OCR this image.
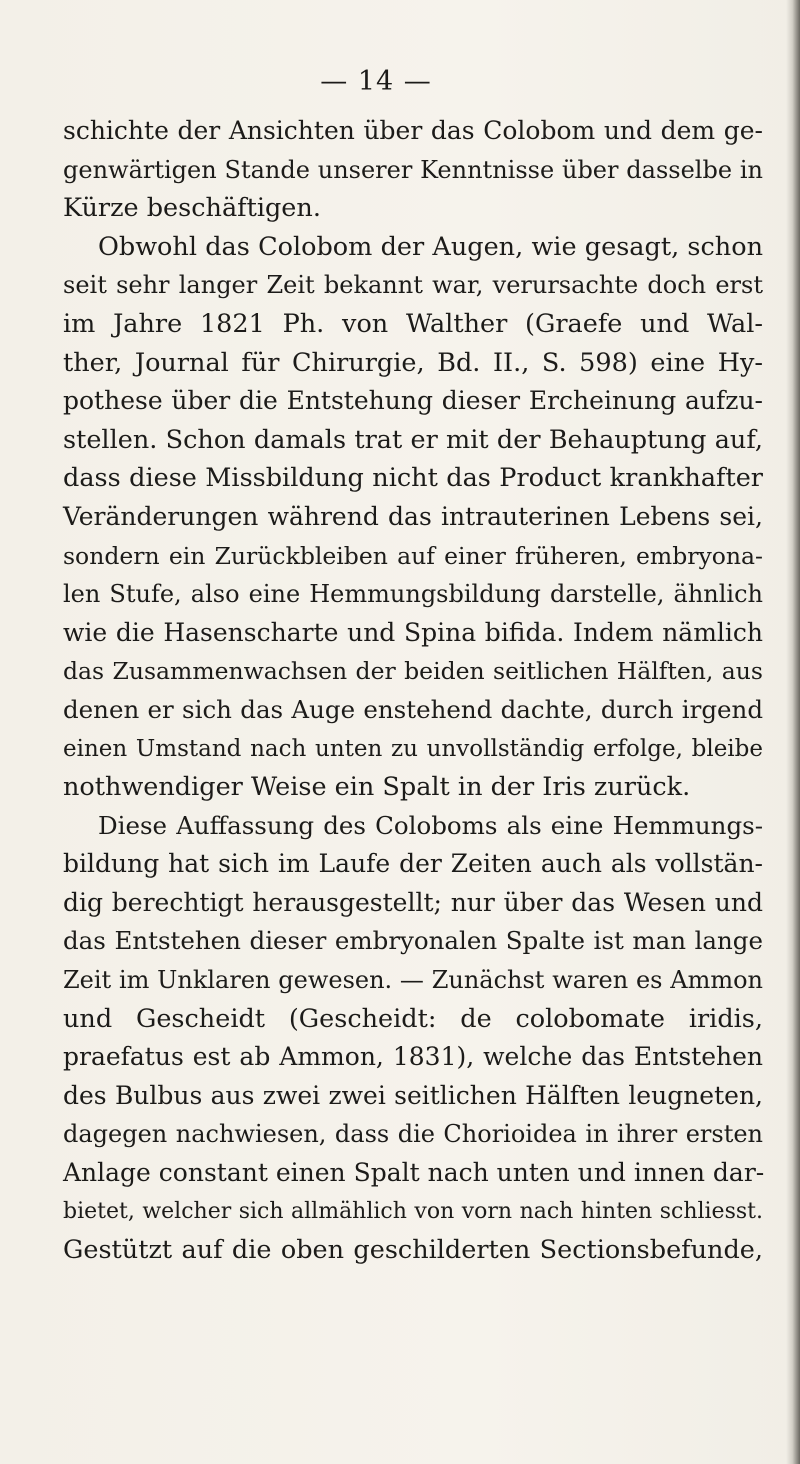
— 14 —
schichte der Ansichten über das Colobom und dem ge-
genwärtigen Stande unserer Kenntnisse über dasselbe in
Kürze beschäftigen.
Obwohl das Colobom der Augen, wie gesagt, schon
seit sehr langer Zeit bekannt war, verursachte doch erst
im Jahre 1821 Ph. von Walther (Graefe und Wal-
ther, Journal für Chirurgie, Bd. II., S. 598) eine Hy-
pothese über die Entstehung dieser Ercheinung aufzu-
stellen. Schon damals trat er mit der Behauptung auf,
dass diese Missbildung nicht das Product krankhafter
Veränderungen während das intrauterinen Lebens sei,
sondern ein Zurückbleiben auf einer früheren, embryona-
len Stufe, also eine Hemmungsbildung darstelle, ähnlich
wie die Hasenscharte und Spina bifida. Indem nämlich
das Zusammenwachsen der beiden seitlichen Hälften, aus
denen er sich das Auge enstehend dachte, durch irgend
einen Umstand nach unten zu unvollständig erfolge, bleibe
nothwendiger Weise ein Spalt in der Iris zurück.
Diese Auffassung des Coloboms als eine Hemmungs-
bildung hat sich im Laufe der Zeiten auch als vollstän-
dig berechtigt herausgestellt; nur über das Wesen und
das Entstehen dieser embryonalen Spalte ist man lange
Zeit im Unklaren gewesen. — Zunächst waren es Ammon
und Gescheidt (Gescheidt: de colobomate iridis,
praefatus est ab Ammon, 1831), welche das Entstehen
des Bulbus aus zwei zwei seitlichen Hälften leugneten,
dagegen nachwiesen, dass die Chorioidea in ihrer ersten
Anlage constant einen Spalt nach unten und innen dar-
bietet, welcher sich allmählich von vorn nach hinten schliesst.
Gestützt auf die oben geschilderten Sectionsbefunde,
